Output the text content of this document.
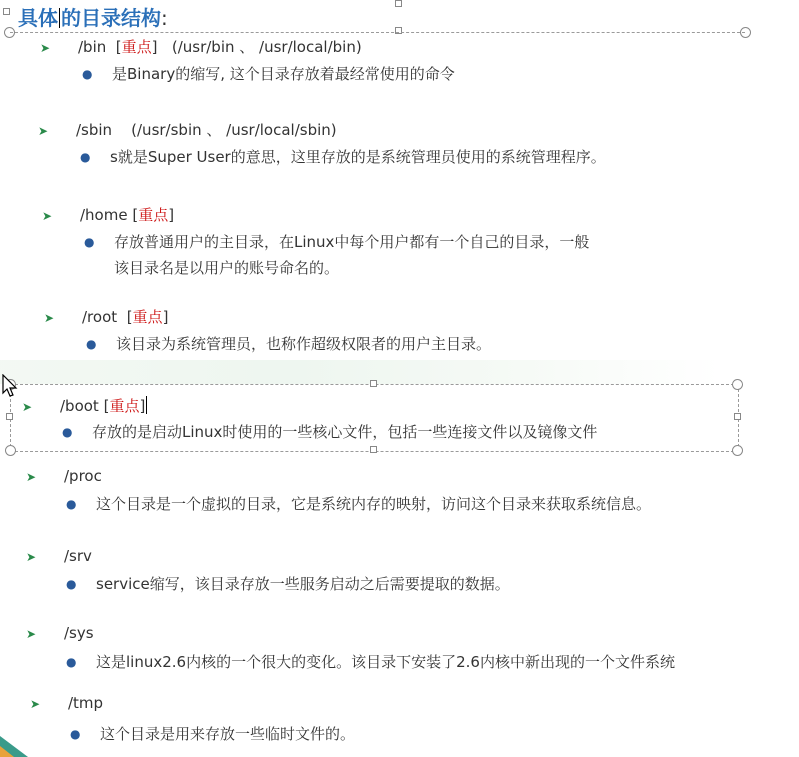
具体 的目录结构:
➤ /bin [重点] (/usr/bin 、 /usr/local/bin)
● 是Binary的缩写, 这个目录存放着最经常使用的命令
➤ /sbin (/usr/sbin 、 /usr/local/sbin)
● s就是Super User的意思，这里存放的是系统管理员使用的系统管理程序。
➤ /home [重点]
● 存放普通用户的主目录，在Linux中每个用户都有一个自己的目录，一般
该目录名是以用户的账号命名的。
➤ /root [重点]
● 该目录为系统管理员，也称作超级权限者的用户主目录。
➤ /boot [重点]
● 存放的是启动Linux时使用的一些核心文件，包括一些连接文件以及镜像文件
➤ /proc
● 这个目录是一个虚拟的目录，它是系统内存的映射，访问这个目录来获取系统信息。
➤ /srv
● service缩写，该目录存放一些服务启动之后需要提取的数据。
➤ /sys
● 这是linux2.6内核的一个很大的变化。该目录下安装了2.6内核中新出现的一个文件系统
➤ /tmp
● 这个目录是用来存放一些临时文件的。
